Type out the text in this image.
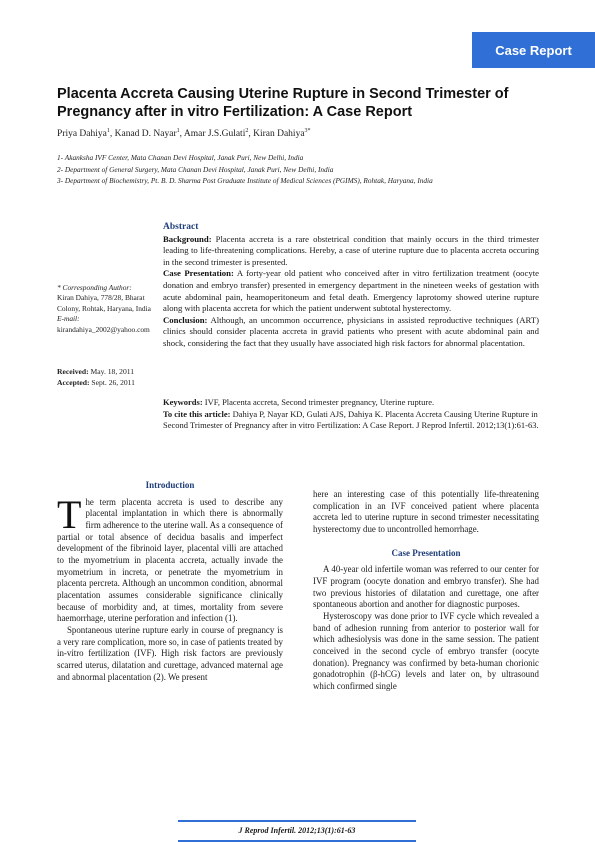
Case Report
Placenta Accreta Causing Uterine Rupture in Second Trimester of Pregnancy after in vitro Fertilization: A Case Report
Priya Dahiya$^1$, Kanad D. Nayar$^1$, Amar J.S.Gulati$^2$, Kiran Dahiya$^{3*}$
1- Akanksha IVF Center, Mata Chanan Devi Hospital, Janak Puri, New Delhi, India
2- Department of General Surgery, Mata Chanan Devi Hospital, Janak Puri, New Delhi, India
3- Department of Biochemistry, Pt. B. D. Sharma Post Graduate Institute of Medical Sciences (PGIMS), Rohtak, Haryana, India
* Corresponding Author:
Kiran Dahiya, 778/28, Bharat Colony, Rohtak, Haryana, India
E-mail:
kirandahiya_2002@yahoo.com
Received: May. 18, 2011
Accepted: Sept. 26, 2011
Abstract

Background: Placenta accreta is a rare obstetrical condition that mainly occurs in the third trimester leading to life-threatening complications. Hereby, a case of uterine rupture due to placenta accreta occuring in the second trimester is presented.

Case Presentation: A forty-year old patient who conceived after in vitro fertilization treatment (oocyte donation and embryo transfer) presented in emergency department in the nineteen weeks of gestation with acute abdominal pain, heamoperitoneum and fetal death. Emergency laprotomy showed uterine rupture along with placenta accreta for which the patient underwent subtotal hysterectomy.

Conclusion: Although, an uncommon occurrence, physicians in assisted reproductive techniques (ART) clinics should consider placenta accreta in gravid patients who present with acute abdominal pain and shock, considering the fact that they usually have associated high risk factors for abnormal placentation.

Keywords: IVF, Placenta accreta, Second trimester pregnancy, Uterine rupture.

To cite this article: Dahiya P, Nayar KD, Gulati AJS, Dahiya K. Placenta Accreta Causing Uterine Rupture in Second Trimester of Pregnancy after in vitro Fertilization: A Case Report. J Reprod Infertil. 2012;13(1):61-63.

Introduction

The term placenta accreta is used to describe any placental implantation in which there is abnormally firm adherence to the uterine wall. As a consequence of partial or total absence of decidua basalis and imperfect development of the fibrinoid layer, placental villi are attached to the myometrium in placenta accreta, actually invade the myometrium in increta, or penetrate the myometrium in placenta percreta. Although an uncommon condition, abnormal placentation assumes considerable significance clinically because of morbidity and, at times, mortality from severe haemorrhage, uterine perforation and infection (1).

Spontaneous uterine rupture early in course of pregnancy is a very rare complication, more so, in case of patients treated by in-vitro fertilization (IVF). High risk factors are previously scarred uterus, dilatation and curettage, advanced maternal age and abnormal placentation (2). We present

here an interesting case of this potentially life-threatening complication in an IVF conceived patient where placenta accreta led to uterine rupture in second trimester necessitating hysterectomy due to uncontrolled hemorrhage.

Case Presentation

A 40-year old infertile woman was referred to our center for IVF program (oocyte donation and embryo transfer). She had two previous histories of dilatation and curettage, one after spontaneous abortion and another for diagnostic purposes.

Hysteroscopy was done prior to IVF cycle which revealed a band of adhesion running from anterior to posterior wall for which adhesiolysis was done in the same session. The patient conceived in the second cycle of embryo transfer (oocyte donation). Pregnancy was confirmed by beta-human chorionic gonadotrophin (β-hCG) levels and later on, by ultrasound which confirmed single

J Reprod Infertil. 2012;13(1):61-63
